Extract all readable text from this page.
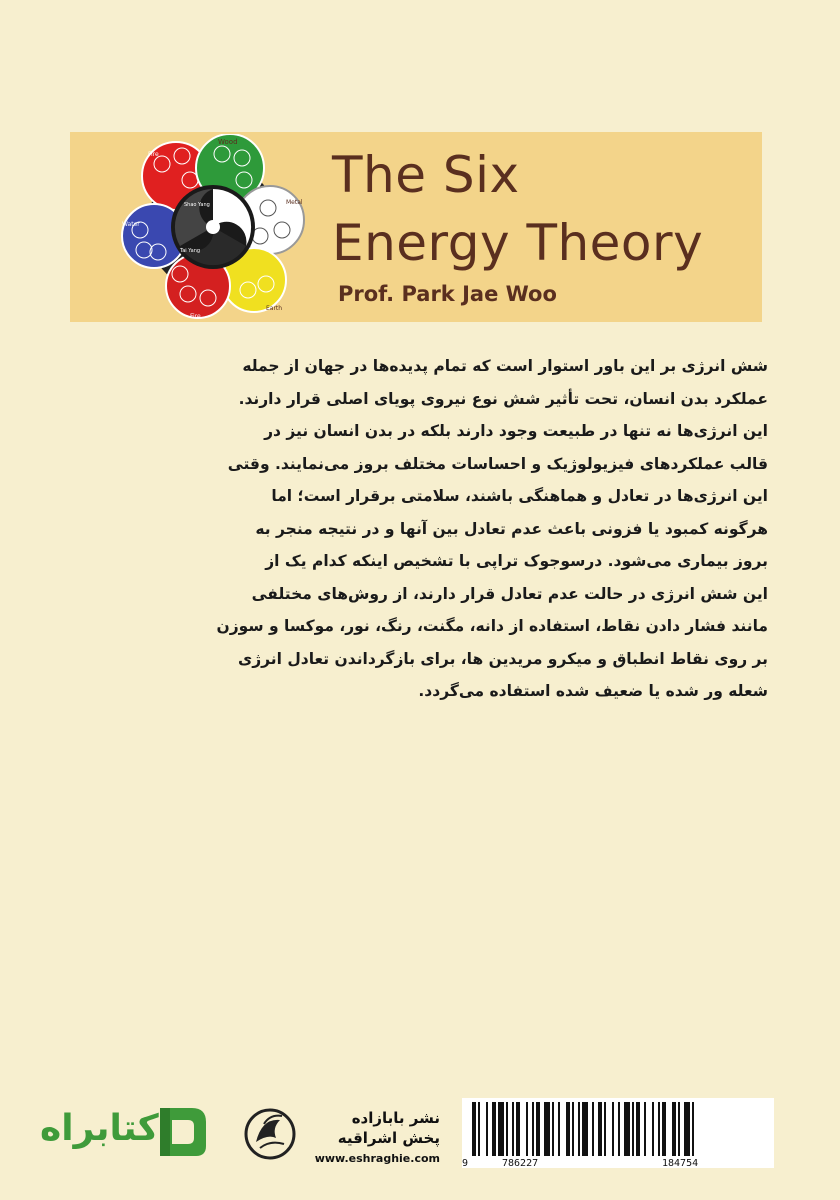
Wood
Metal
Earth
Fire
Water
Fire
Shao Yang
Tai Yang
The Six
Energy Theory
Prof. Park Jae Woo
شش انرژی بر این باور استوار است که تمام پدیده‌ها در جهان از جمله
عملکرد بدن انسان، تحت تأثیر شش نوع نیروی پویای اصلی قرار دارند.
این انرژی‌ها نه تنها در طبیعت وجود دارند بلکه در بدن انسان نیز در
قالب عملکردهای فیزیولوژیک و احساسات مختلف بروز می‌نمایند. وقتی
این انرژی‌ها در تعادل و هماهنگی باشند، سلامتی برقرار است؛ اما
هرگونه کمبود یا فزونی باعث عدم تعادل بین آنها و در نتیجه منجر به
بروز بیماری می‌شود. درسوجوک تراپی با تشخیص اینکه کدام یک از
این شش انرژی در حالت عدم تعادل قرار دارند، از روش‌های مختلفی
مانند فشار دادن نقاط، استفاده از دانه، مگنت، رنگ، نور، موکسا و سوزن
بر روی نقاط انطباق و میکرو مریدین ها، برای بازگرداندن تعادل انرژی
شعله ور شده یا ضعیف شده استفاده می‌گردد.
کتابراه	نشر بابازاده
پخش اشراقیه
www.eshraghie.com	9	786227	184754
